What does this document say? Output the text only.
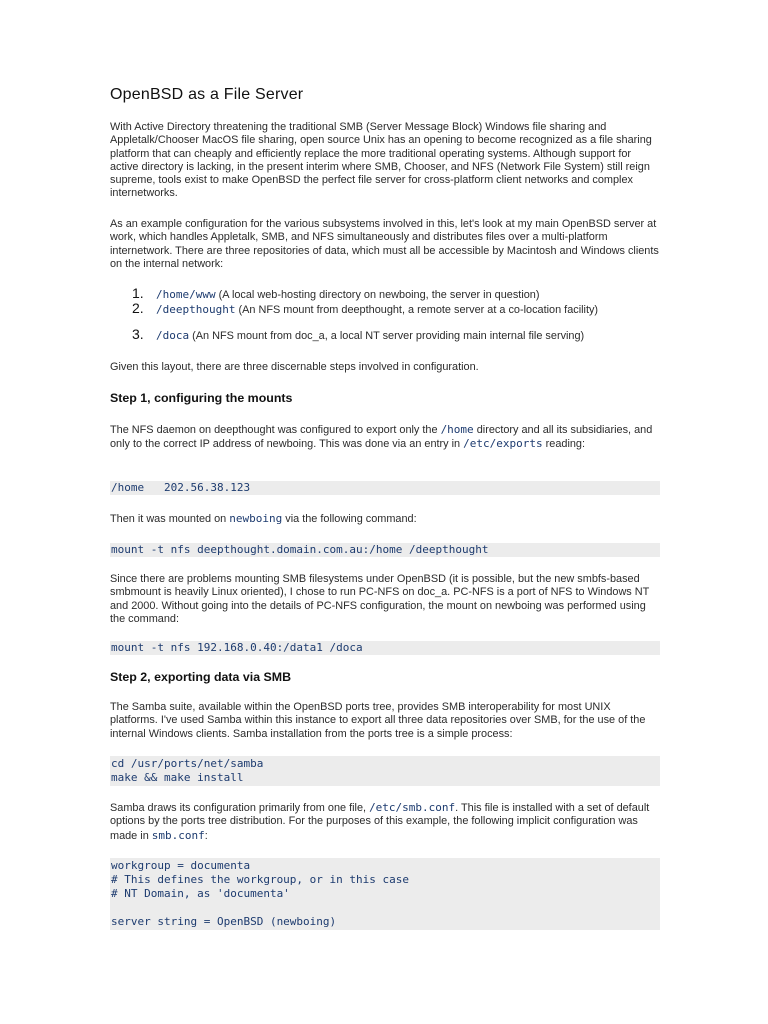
OpenBSD as a File Server

With Active Directory threatening the traditional SMB (Server Message Block) Windows file sharing and Appletalk/Chooser MacOS file sharing, open source Unix has an opening to become recognized as a file sharing platform that can cheaply and efficiently replace the more traditional operating systems. Although support for active directory is lacking, in the present interim where SMB, Chooser, and NFS (Network File System) still reign supreme, tools exist to make OpenBSD the perfect file server for cross-platform client networks and complex internetworks.

As an example configuration for the various subsystems involved in this, let's look at my main OpenBSD server at work, which handles Appletalk, SMB, and NFS simultaneously and distributes files over a multi-platform internetwork. There are three repositories of data, which must all be accessible by Macintosh and Windows clients on the internal network:

1. /home/www (A local web-hosting directory on newboing, the server in question)
2. /deepthought (An NFS mount from deepthought, a remote server at a co-location facility)
3. /doca (An NFS mount from doc_a, a local NT server providing main internal file serving)

Given this layout, there are three discernable steps involved in configuration.

Step 1, configuring the mounts

The NFS daemon on deepthought was configured to export only the /home directory and all its subsidiaries, and only to the correct IP address of newboing. This was done via an entry in /etc/exports reading:

/home   202.56.38.123

Then it was mounted on newboing via the following command:

mount -t nfs deepthought.domain.com.au:/home /deepthought

Since there are problems mounting SMB filesystems under OpenBSD (it is possible, but the new smbfs-based smbmount is heavily Linux oriented), I chose to run PC-NFS on doc_a. PC-NFS is a port of NFS to Windows NT and 2000. Without going into the details of PC-NFS configuration, the mount on newboing was performed using the command:

mount -t nfs 192.168.0.40:/data1 /doca
Step 2, exporting data via SMB

The Samba suite, available within the OpenBSD ports tree, provides SMB interoperability for most UNIX platforms. I've used Samba within this instance to export all three data repositories over SMB, for the use of the internal Windows clients. Samba installation from the ports tree is a simple process:

cd /usr/ports/net/samba
make && make install

Samba draws its configuration primarily from one file, /etc/smb.conf. This file is installed with a set of default options by the ports tree distribution. For the purposes of this example, the following implicit configuration was made in smb.conf:

workgroup = documenta
# This defines the workgroup, or in this case
# NT Domain, as 'documenta'

server string = OpenBSD (newboing)
